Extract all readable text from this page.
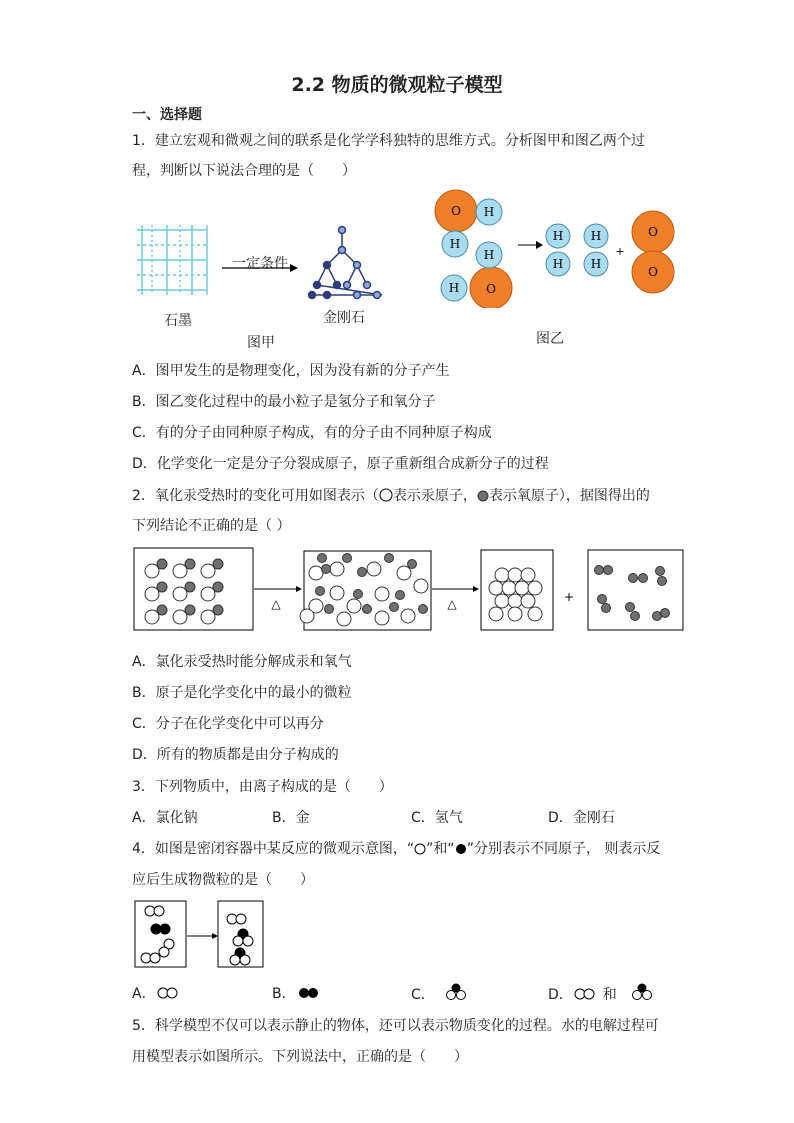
2.2 物质的微观粒子模型
一、选择题
1．建立宏观和微观之间的联系是化学学科独特的思维方式。分析图甲和图乙两个过
程，判断以下说法合理的是（　　）
一定条件
石墨	金刚石
图甲
O H
H
O
H
H
H
H
H
H
+
O
O
图乙
A．图甲发生的是物理变化，因为没有新的分子产生
B．图乙变化过程中的最小粒子是氢分子和氧分子
C．有的分子由同种原子构成，有的分子由不同种原子构成
D．化学变化一定是分子分裂成原子，原子重新组合成新分子的过程
2．氧化汞受热时的变化可用如图表示（ 表示汞原子， 表示氧原子），据图得出的
下列结论不正确的是（ ）
△	△	+
A．氯化汞受热时能分解成汞和氧气
B．原子是化学变化中的最小的微粒
C．分子在化学变化中可以再分
D．所有的物质都是由分子构成的
3．下列物质中，由离子构成的是（　　）
A．氯化钠	B．金	C．氢气	D．金刚石
4．如图是密闭容器中某反应的微观示意图，“ ”和“ ”分别表示不同原子， 则表示反
应后生成物微粒的是（　　）
A．	B．	C．	D． 和
5．科学模型不仅可以表示静止的物体，还可以表示物质变化的过程。水的电解过程可
用模型表示如图所示。下列说法中，正确的是（　　）
